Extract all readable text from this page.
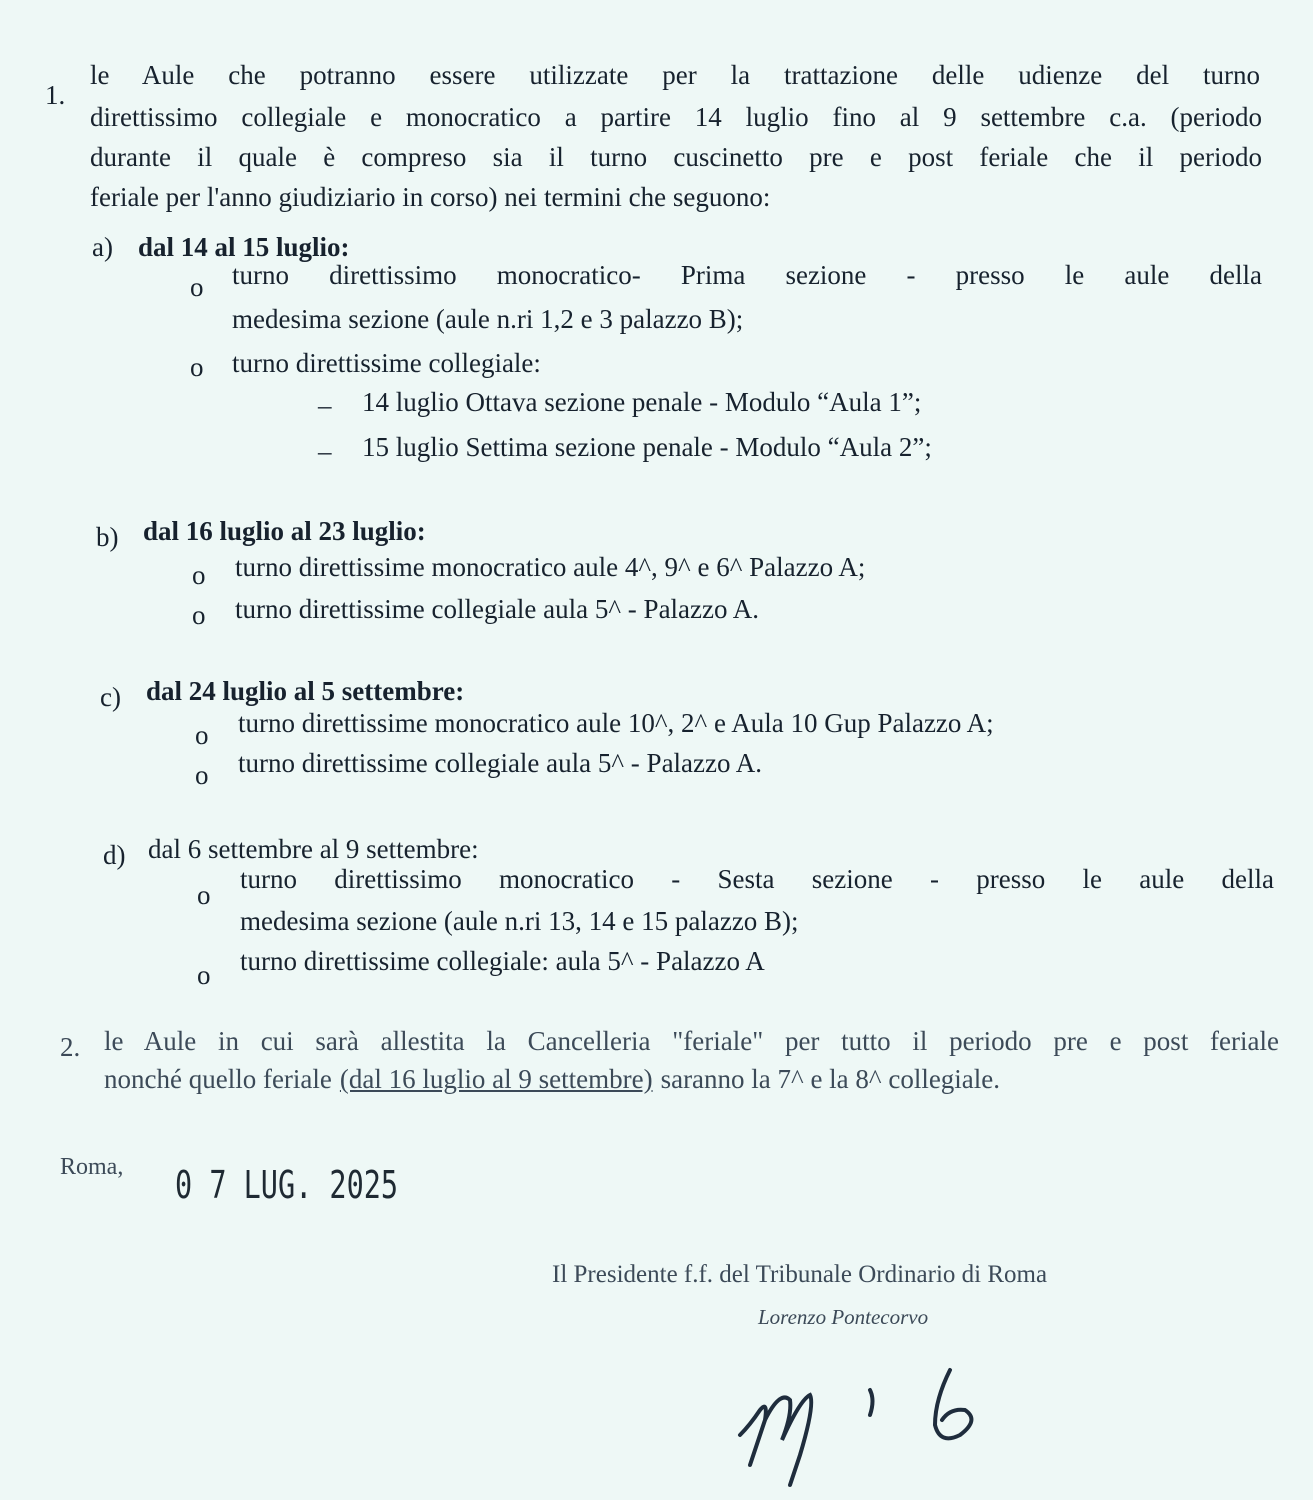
1.
le Aule che potranno essere utilizzate per la trattazione delle udienze del turno
direttissimo collegiale e monocratico a partire 14 luglio fino al 9 settembre c.a. (periodo
durante il quale è compreso sia il turno cuscinetto pre e post feriale che il periodo
feriale per l'anno giudiziario in corso) nei termini che seguono:
a) dal 14 al 15 luglio:
o turno direttissimo monocratico- Prima sezione - presso le aule della
medesima sezione (aule n.ri 1,2 e 3 palazzo B);
o turno direttissime collegiale:
– 14 luglio Ottava sezione penale - Modulo “Aula 1”;
– 15 luglio Settima sezione penale - Modulo “Aula 2”;
b) dal 16 luglio al 23 luglio:
o turno direttissime monocratico aule 4^, 9^ e 6^ Palazzo A;
o turno direttissime collegiale aula 5^ - Palazzo A.
c) dal 24 luglio al 5 settembre:
o turno direttissime monocratico aule 10^, 2^ e Aula 10 Gup Palazzo A;
o turno direttissime collegiale aula 5^ - Palazzo A.
d) dal 6 settembre al 9 settembre:
o
turno direttissimo monocratico - Sesta sezione - presso le aule della
medesima sezione (aule n.ri 13, 14 e 15 palazzo B);
o turno direttissime collegiale: aula 5^ - Palazzo A
2. le Aule in cui sarà allestita la Cancelleria "feriale" per tutto il periodo pre e post feriale
nonché quello feriale (dal 16 luglio al 9 settembre) saranno la 7^ e la 8^ collegiale.
Roma, 0 7 LUG. 2025
Il Presidente f.f. del Tribunale Ordinario di Roma
Lorenzo Pontecorvo
